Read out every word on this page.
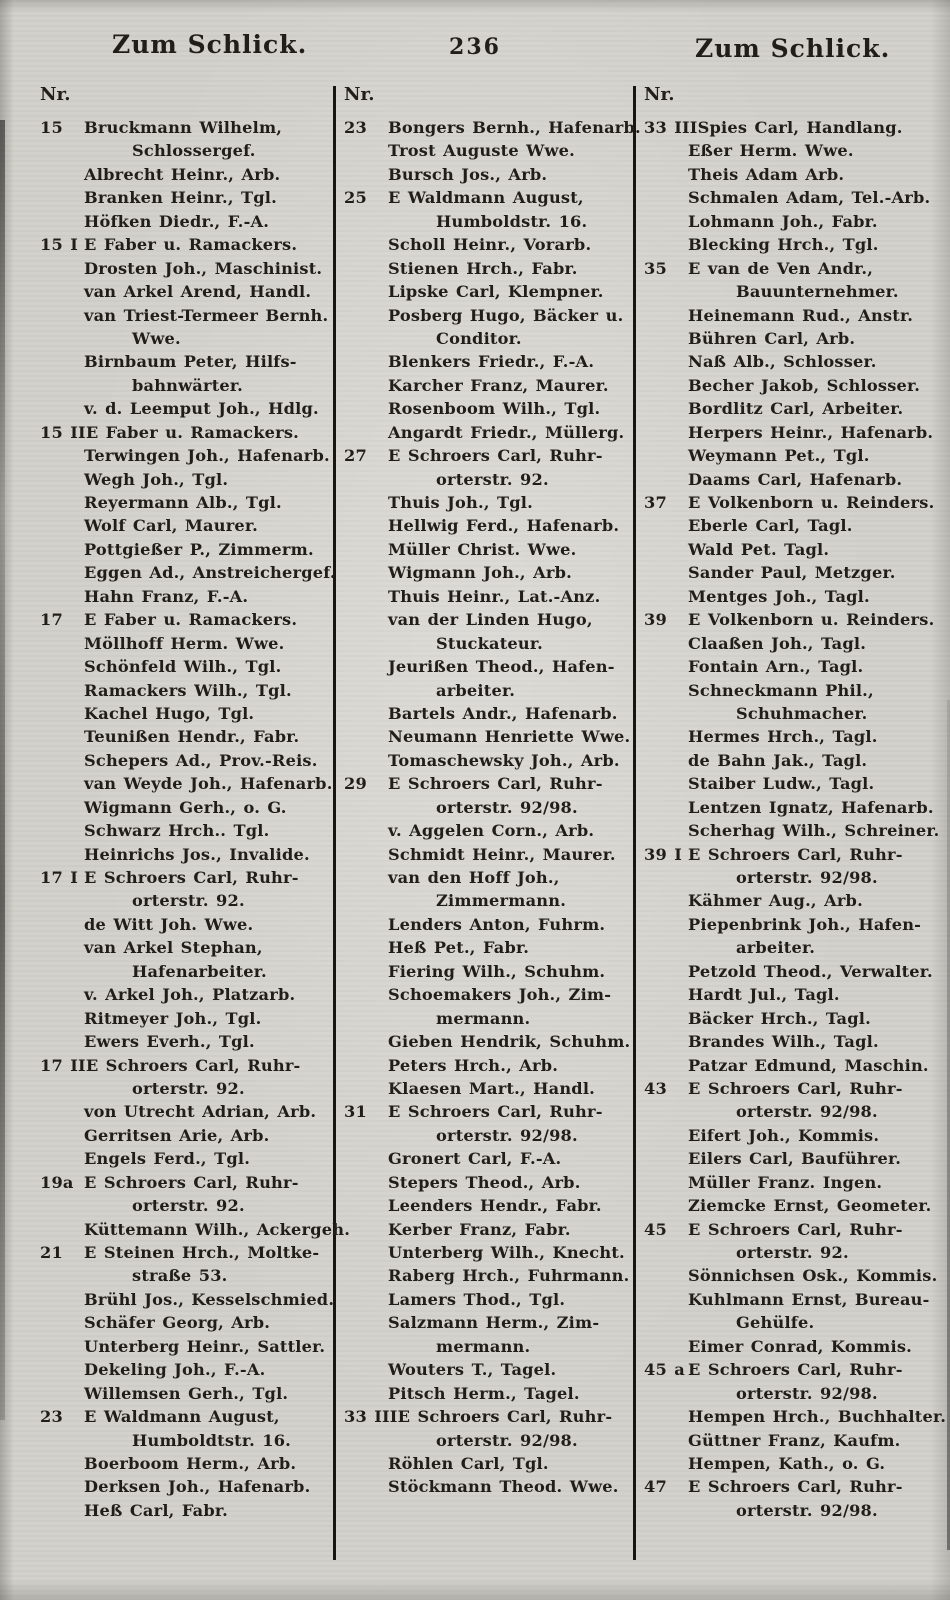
Zum Schlick.	236	Zum Schlick.
Nr.
15 Bruckmann Wilhelm,
Schlossergef.
Albrecht Heinr., Arb.
Branken Heinr., Tgl.
Höfken Diedr., F.-A.
15 I E Faber u. Ramackers.
Drosten Joh., Maschinist.
van Arkel Arend, Handl.
van Triest-Termeer Bernh.
Wwe.
Birnbaum Peter, Hilfs-
bahnwärter.
v. d. Leemput Joh., Hdlg.
15 IIE Faber u. Ramackers.
Terwingen Joh., Hafenarb.
Wegh Joh., Tgl.
Reyermann Alb., Tgl.
Wolf Carl, Maurer.
Pottgießer P., Zimmerm.
Eggen Ad., Anstreichergef.
Hahn Franz, F.-A.
17 E Faber u. Ramackers.
Möllhoff Herm. Wwe.
Schönfeld Wilh., Tgl.
Ramackers Wilh., Tgl.
Kachel Hugo, Tgl.
Teunißen Hendr., Fabr.
Schepers Ad., Prov.-Reis.
van Weyde Joh., Hafenarb.
Wigmann Gerh., o. G.
Schwarz Hrch.. Tgl.
Heinrichs Jos., Invalide.
17 I E Schroers Carl, Ruhr-
orterstr. 92.
de Witt Joh. Wwe.
van Arkel Stephan,
Hafenarbeiter.
v. Arkel Joh., Platzarb.
Ritmeyer Joh., Tgl.
Ewers Everh., Tgl.
17 IIE Schroers Carl, Ruhr-
orterstr. 92.
von Utrecht Adrian, Arb.
Gerritsen Arie, Arb.
Engels Ferd., Tgl.
19a E Schroers Carl, Ruhr-
orterstr. 92.
Küttemann Wilh., Ackergeh.
21 E Steinen Hrch., Moltke-
straße 53.
Brühl Jos., Kesselschmied.
Schäfer Georg, Arb.
Unterberg Heinr., Sattler.
Dekeling Joh., F.-A.
Willemsen Gerh., Tgl.
23 E Waldmann August,
Humboldtstr. 16.
Boerboom Herm., Arb.
Derksen Joh., Hafenarb.
Heß Carl, Fabr.
Nr.
23 Bongers Bernh., Hafenarb.
Trost Auguste Wwe.
Bursch Jos., Arb.
25 E Waldmann August,
Humboldstr. 16.
Scholl Heinr., Vorarb.
Stienen Hrch., Fabr.
Lipske Carl, Klempner.
Posberg Hugo, Bäcker u.
Conditor.
Blenkers Friedr., F.-A.
Karcher Franz, Maurer.
Rosenboom Wilh., Tgl.
Angardt Friedr., Müllerg.
27 E Schroers Carl, Ruhr-
orterstr. 92.
Thuis Joh., Tgl.
Hellwig Ferd., Hafenarb.
Müller Christ. Wwe.
Wigmann Joh., Arb.
Thuis Heinr., Lat.-Anz.
van der Linden Hugo,
Stuckateur.
Jeurißen Theod., Hafen-
arbeiter.
Bartels Andr., Hafenarb.
Neumann Henriette Wwe.
Tomaschewsky Joh., Arb.
29 E Schroers Carl, Ruhr-
orterstr. 92/98.
v. Aggelen Corn., Arb.
Schmidt Heinr., Maurer.
van den Hoff Joh.,
Zimmermann.
Lenders Anton, Fuhrm.
Heß Pet., Fabr.
Fiering Wilh., Schuhm.
Schoemakers Joh., Zim-
mermann.
Gieben Hendrik, Schuhm.
Peters Hrch., Arb.
Klaesen Mart., Handl.
31 E Schroers Carl, Ruhr-
orterstr. 92/98.
Gronert Carl, F.-A.
Stepers Theod., Arb.
Leenders Hendr., Fabr.
Kerber Franz, Fabr.
Unterberg Wilh., Knecht.
Raberg Hrch., Fuhrmann.
Lamers Thod., Tgl.
Salzmann Herm., Zim-
mermann.
Wouters T., Tagel.
Pitsch Herm., Tagel.
33 IIIE Schroers Carl, Ruhr-
orterstr. 92/98.
Röhlen Carl, Tgl.
Stöckmann Theod. Wwe.
Nr.
33 IIISpies Carl, Handlang.
Eßer Herm. Wwe.
Theis Adam Arb.
Schmalen Adam, Tel.-Arb.
Lohmann Joh., Fabr.
Blecking Hrch., Tgl.
35 E van de Ven Andr.,
Bauunternehmer.
Heinemann Rud., Anstr.
Bühren Carl, Arb.
Naß Alb., Schlosser.
Becher Jakob, Schlosser.
Bordlitz Carl, Arbeiter.
Herpers Heinr., Hafenarb.
Weymann Pet., Tgl.
Daams Carl, Hafenarb.
37 E Volkenborn u. Reinders.
Eberle Carl, Tagl.
Wald Pet. Tagl.
Sander Paul, Metzger.
Mentges Joh., Tagl.
39 E Volkenborn u. Reinders.
Claaßen Joh., Tagl.
Fontain Arn., Tagl.
Schneckmann Phil.,
Schuhmacher.
Hermes Hrch., Tagl.
de Bahn Jak., Tagl.
Staiber Ludw., Tagl.
Lentzen Ignatz, Hafenarb.
Scherhag Wilh., Schreiner.
39 I E Schroers Carl, Ruhr-
orterstr. 92/98.
Kähmer Aug., Arb.
Piepenbrink Joh., Hafen-
arbeiter.
Petzold Theod., Verwalter.
Hardt Jul., Tagl.
Bäcker Hrch., Tagl.
Brandes Wilh., Tagl.
Patzar Edmund, Maschin.
43 E Schroers Carl, Ruhr-
orterstr. 92/98.
Eifert Joh., Kommis.
Eilers Carl, Bauführer.
Müller Franz. Ingen.
Ziemcke Ernst, Geometer.
45 E Schroers Carl, Ruhr-
orterstr. 92.
Sönnichsen Osk., Kommis.
Kuhlmann Ernst, Bureau-
Gehülfe.
Eimer Conrad, Kommis.
45 a E Schroers Carl, Ruhr-
orterstr. 92/98.
Hempen Hrch., Buchhalter.
Güttner Franz, Kaufm.
Hempen, Kath., o. G.
47 E Schroers Carl, Ruhr-
orterstr. 92/98.
